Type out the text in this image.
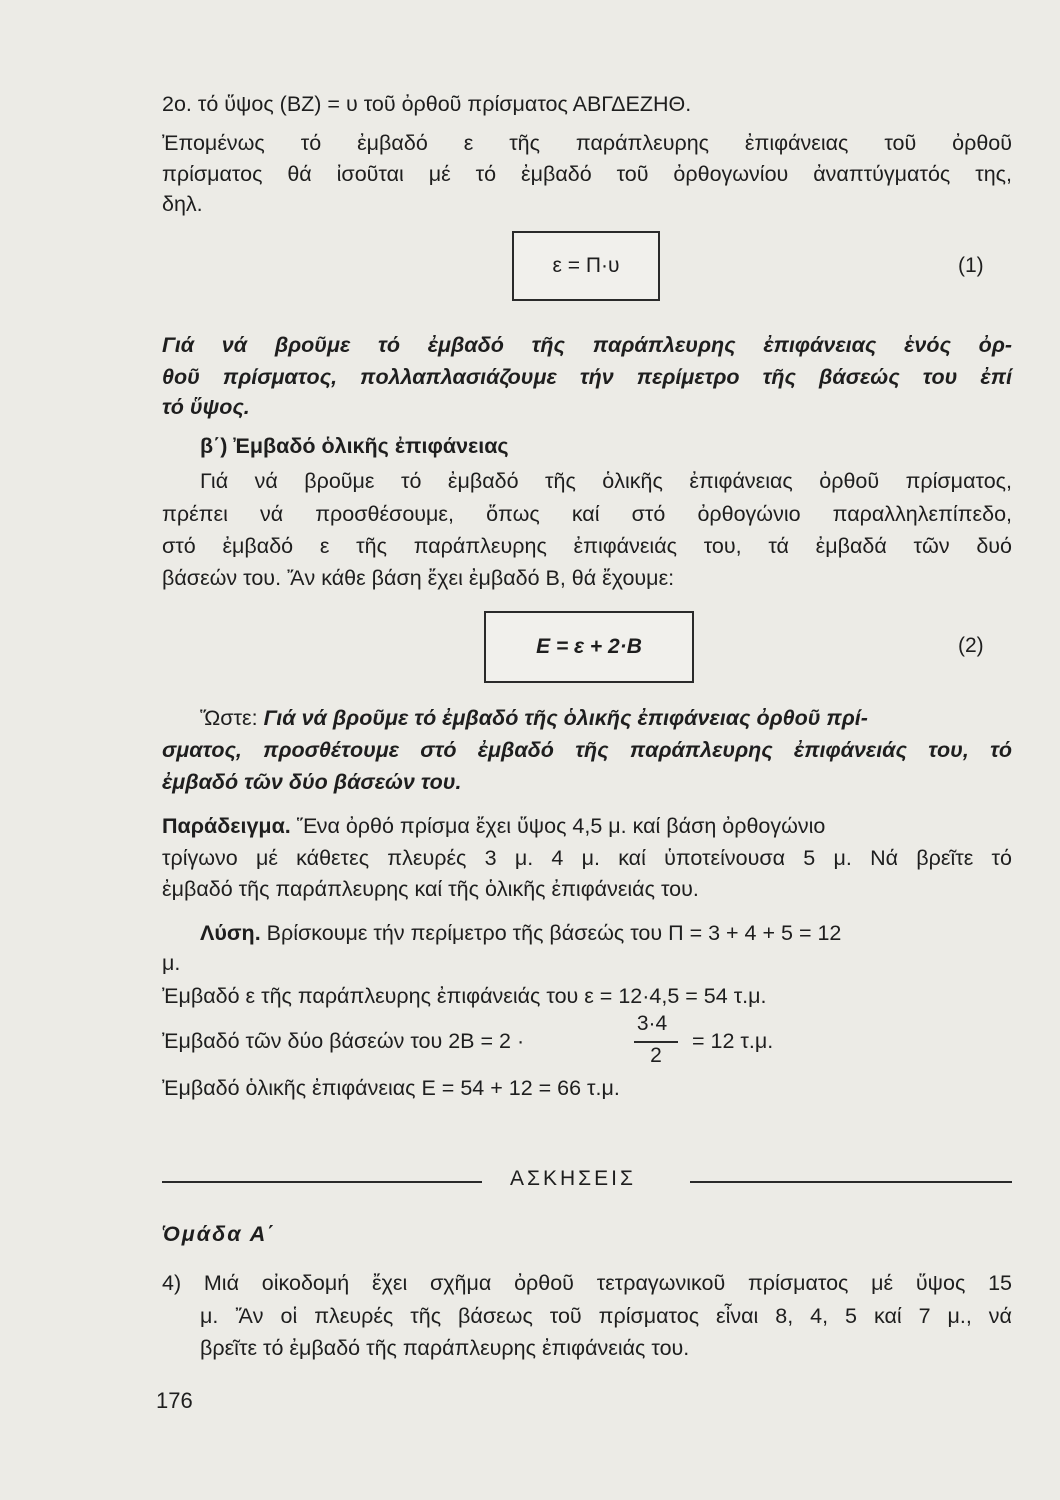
2ο. τό ὕψος (ΒΖ) = υ τοῦ ὀρθοῦ πρίσματος ΑΒΓΔΕΖΗΘ.
Ἐπομένως τό ἐμβαδό ε τῆς παράπλευρης ἐπιφάνειας τοῦ ὀρθοῦ
πρίσματος θά ἰσοῦται μέ τό ἐμβαδό τοῦ ὀρθογωνίου ἀναπτύγματός της,
δηλ.
ε = Π·υ	(1)
Γιά νά βροῦμε τό ἐμβαδό τῆς παράπλευρης ἐπιφάνειας ἑνός ὀρ-
θοῦ πρίσματος, πολλαπλασιάζουμε τήν περίμετρο τῆς βάσεώς του ἐπί
τό ὕψος.
β΄) Ἐμβαδό ὁλικῆς ἐπιφάνειας
Γιά νά βροῦμε τό ἐμβαδό τῆς ὁλικῆς ἐπιφάνειας ὀρθοῦ πρίσματος,
πρέπει νά προσθέσουμε, ὅπως καί στό ὀρθογώνιο παραλληλεπίπεδο,
στό ἐμβαδό ε τῆς παράπλευρης ἐπιφάνειάς του, τά ἐμβαδά τῶν δυό
βάσεών του. Ἄν κάθε βάση ἔχει ἐμβαδό Β, θά ἔχουμε:
Ε = ε + 2·Β	(2)
Ὥστε: Γιά νά βροῦμε τό ἐμβαδό τῆς ὁλικῆς ἐπιφάνειας ὀρθοῦ πρί-
σματος, προσθέτουμε στό ἐμβαδό τῆς παράπλευρης ἐπιφάνειάς του, τό
ἐμβαδό τῶν δύο βάσεών του.
Παράδειγμα. Ἕνα ὀρθό πρίσμα ἔχει ὕψος 4,5 μ. καί βάση ὀρθογώνιο
τρίγωνο μέ κάθετες πλευρές 3 μ. 4 μ. καί ὑποτείνουσα 5 μ. Νά βρεῖτε τό
ἐμβαδό τῆς παράπλευρης καί τῆς ὁλικῆς ἐπιφάνειάς του.
Λύση. Βρίσκουμε τήν περίμετρο τῆς βάσεώς του Π = 3 + 4 + 5 = 12
μ.
Ἐμβαδό ε τῆς παράπλευρης ἐπιφάνειάς του ε = 12·4,5 = 54 τ.μ.
Ἐμβαδό τῶν δύο βάσεών του 2Β = 2 ·
3·4
2
= 12 τ.μ.
Ἐμβαδό ὁλικῆς ἐπιφάνειας Ε = 54 + 12 = 66 τ.μ.
ΑΣΚΗΣΕΙΣ
Ὁμάδα Α΄
4) Μιά οἰκοδομή ἔχει σχῆμα ὀρθοῦ τετραγωνικοῦ πρίσματος μέ ὕψος 15
μ. Ἄν οἱ πλευρές τῆς βάσεως τοῦ πρίσματος εἶναι 8, 4, 5 καί 7 μ., νά
βρεῖτε τό ἐμβαδό τῆς παράπλευρης ἐπιφάνειάς του.
176
